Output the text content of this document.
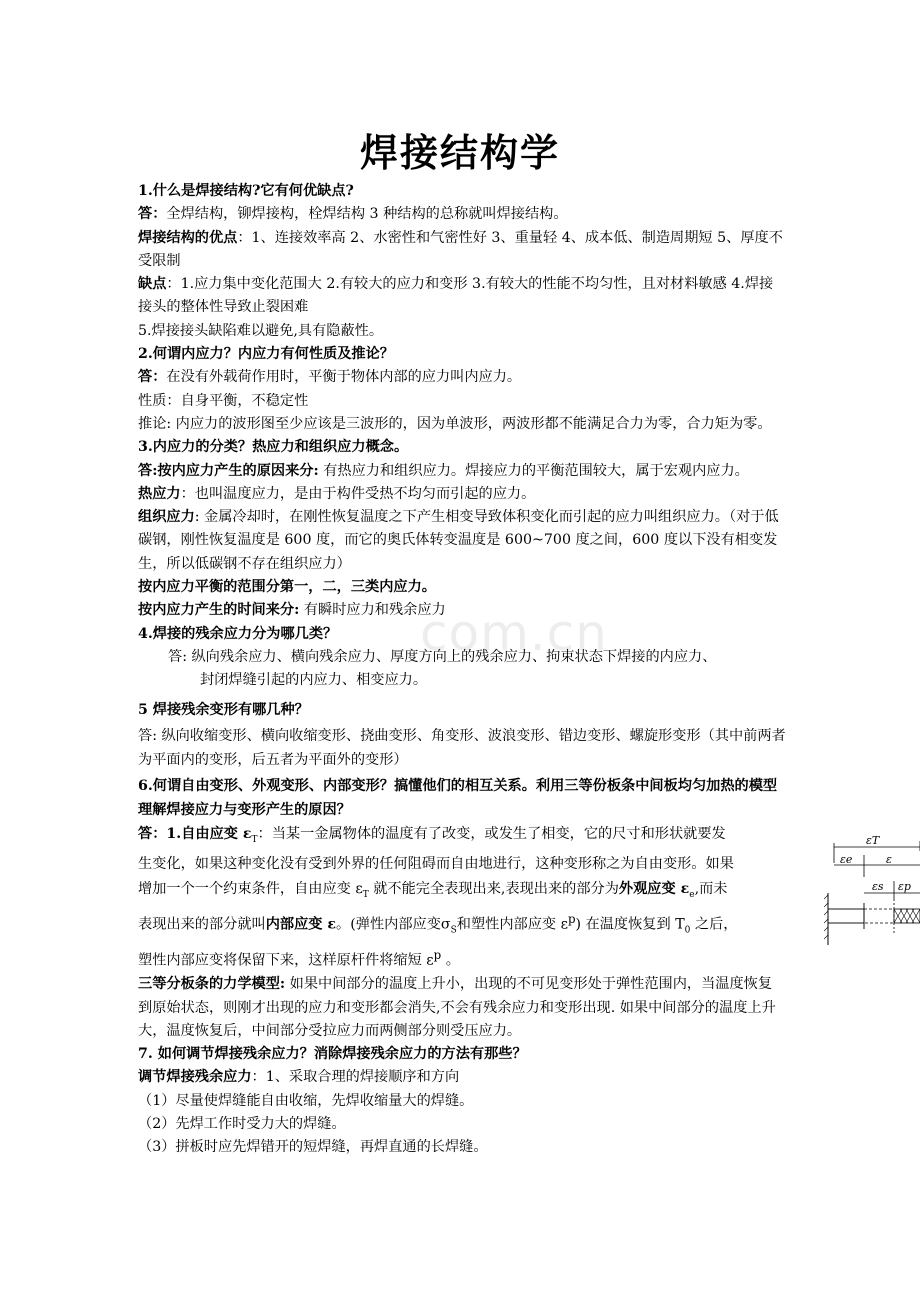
焊接结构学
com.cn

1.什么是焊接结构?它有何优缺点?

答：全焊结构，铆焊接构，栓焊结构 3 种结构的总称就叫焊接结构。

焊接结构的优点：1、连接效率高 2、水密性和气密性好 3、重量轻 4、成本低、制造周期短 5、厚度不受限制

缺点：1.应力集中变化范围大 2.有较大的应力和变形 3.有较大的性能不均匀性，且对材料敏感 4.焊接接头的整体性导致止裂困难

5.焊接接头缺陷难以避免,具有隐蔽性。

2.何谓内应力？内应力有何性质及推论？

答：在没有外载荷作用时，平衡于物体内部的应力叫内应力。

性质：自身平衡，不稳定性

推论: 内应力的波形图至少应该是三波形的，因为单波形，两波形都不能满足合力为零，合力矩为零。

3.内应力的分类？热应力和组织应力概念。

答:按内应力产生的原因来分: 有热应力和组织应力。焊接应力的平衡范围较大，属于宏观内应力。

热应力：也叫温度应力，是由于构件受热不均匀而引起的应力。

组织应力: 金属冷却时，在刚性恢复温度之下产生相变导致体积变化而引起的应力叫组织应力。（对于低碳钢，刚性恢复温度是 600 度，而它的奥氏体转变温度是 600~700 度之间，600 度以下没有相变发生，所以低碳钢不存在组织应力）

按内应力平衡的范围分第一，二，三类内应力。

按内应力产生的时间来分: 有瞬时应力和残余应力

4.焊接的残余应力分为哪几类？

答: 纵向残余应力、横向残余应力、厚度方向上的残余应力、拘束状态下焊接的内应力、

封闭焊缝引起的内应力、相变应力。

5 焊接残余变形有哪几种？

答: 纵向收缩变形、横向收缩变形、挠曲变形、角变形、波浪变形、错边变形、螺旋形变形（其中前两者为平面内的变形，后五者为平面外的变形）

6.何谓自由变形、外观变形、内部变形？搞懂他们的相互关系。利用三等份板条中间板均匀加热的模型理解焊接应力与变形产生的原因？

答：1.自由应变 $\varepsilon_T$：当某一金属物体的温度有了改变，或发生了相变，它的尺寸和形状就要发生变化，如果这种变化没有受到外界的任何阻碍而自由地进行，这种变形称之为自由变形。如果增加一个一个约束条件，自由应变 $\varepsilon_T$ 就不能完全表现出来,表现出来的部分为外观应变 $\varepsilon_e$,而未表现出来的部分就叫内部应变 ε。(弹性内部应变$\sigma_S$和塑性内部应变 $\varepsilon^p$) 在温度恢复到 $T_0$ 之后，塑性内部应变将保留下来，这样原杆件将缩短 $\varepsilon^p$ 。

三等分板条的力学模型: 如果中间部分的温度上升小，出现的不可见变形处于弹性范围内，当温度恢复到原始状态，则刚才出现的应力和变形都会消失,不会有残余应力和变形出现. 如果中间部分的温度上升大，温度恢复后，中间部分受拉应力而两侧部分则受压应力。

7. 如何调节焊接残余应力？消除焊接残余应力的方法有那些？

调节焊接残余应力：1、采取合理的焊接顺序和方向

（1）尽量使焊缝能自由收缩，先焊收缩量大的焊缝。

（2）先焊工作时受力大的焊缝。

（3）拼板时应先焊错开的短焊缝，再焊直通的长焊缝。

εT
εe	ε
εs εp
